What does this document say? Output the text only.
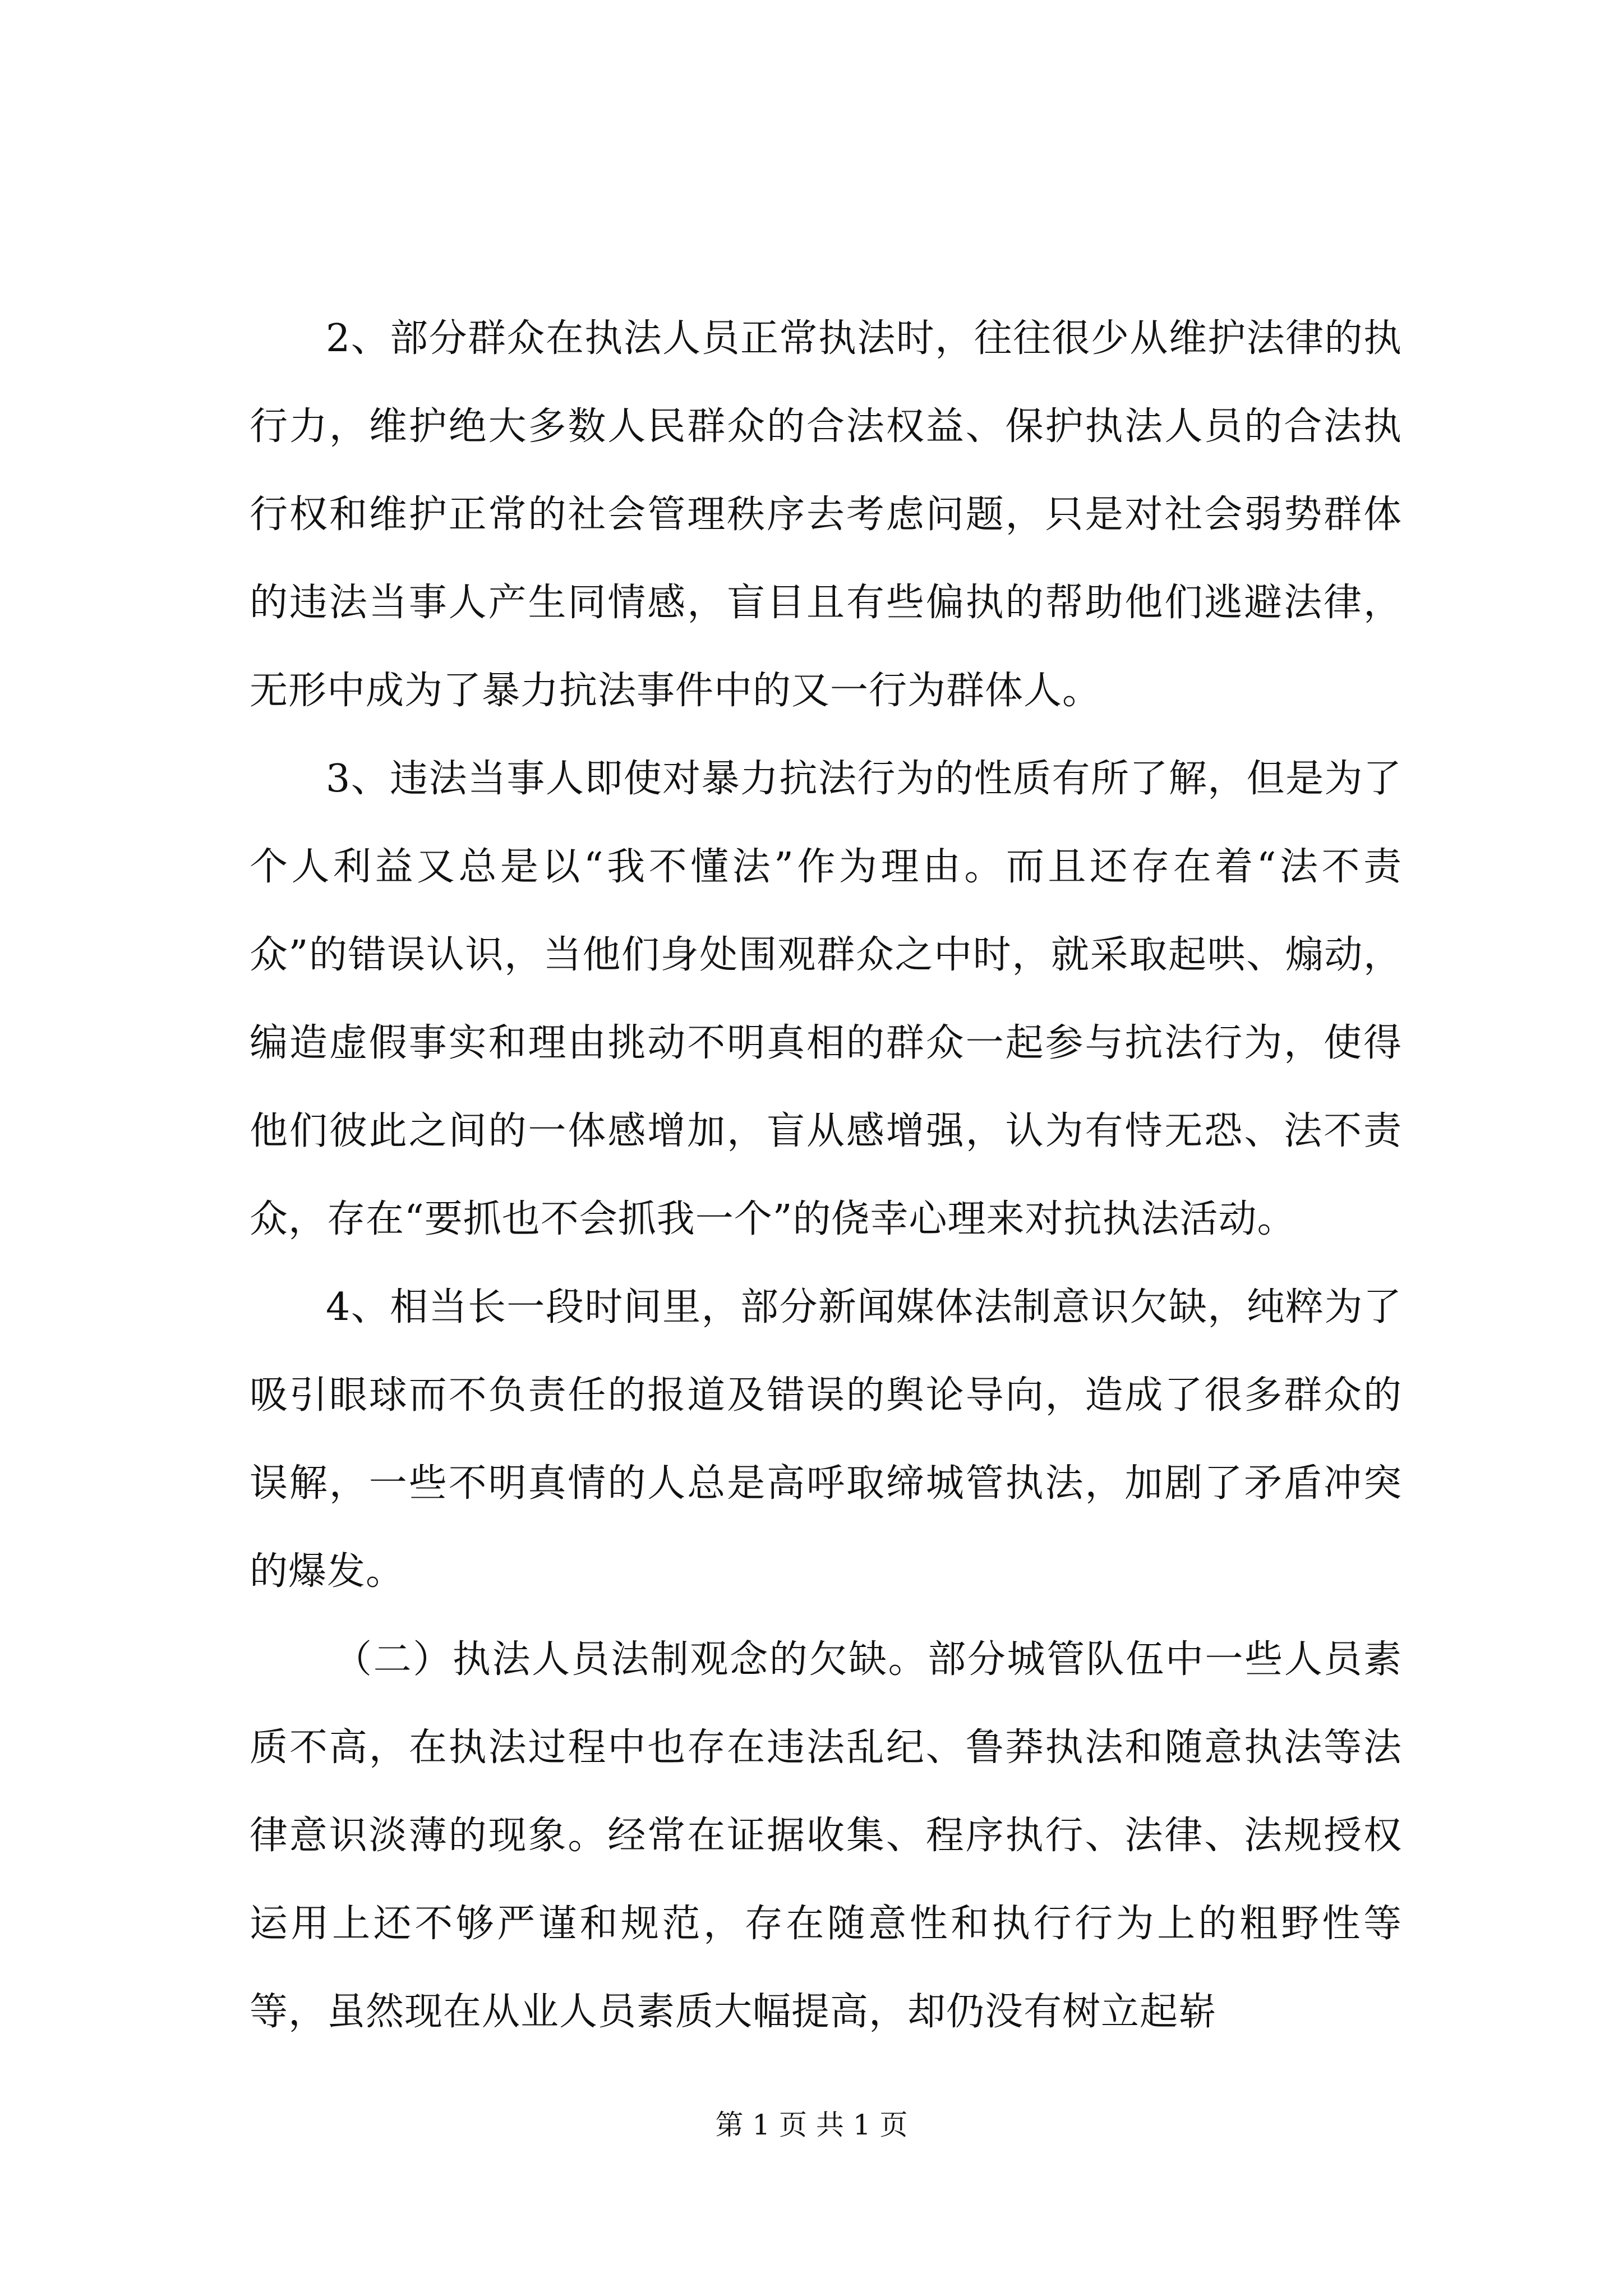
2、部分群众在执法人员正常执法时，往往很少从维护法律的执行力，维护绝大多数人民群众的合法权益、保护执法人员的合法执行权和维护正常的社会管理秩序去考虑问题，只是对社会弱势群体的违法当事人产生同情感，盲目且有些偏执的帮助他们逃避法律，无形中成为了暴力抗法事件中的又一行为群体人。

3、违法当事人即使对暴力抗法行为的性质有所了解，但是为了个人利益又总是以“我不懂法”作为理由。而且还存在着“法不责众”的错误认识，当他们身处围观群众之中时，就采取起哄、煽动，编造虚假事实和理由挑动不明真相的群众一起参与抗法行为，使得他们彼此之间的一体感增加，盲从感增强，认为有恃无恐、法不责众，存在“要抓也不会抓我一个”的侥幸心理来对抗执法活动。

4、相当长一段时间里，部分新闻媒体法制意识欠缺，纯粹为了吸引眼球而不负责任的报道及错误的舆论导向，造成了很多群众的误解，一些不明真情的人总是高呼取缔城管执法，加剧了矛盾冲突的爆发。

（二）执法人员法制观念的欠缺。部分城管队伍中一些人员素质不高，在执法过程中也存在违法乱纪、鲁莽执法和随意执法等法律意识淡薄的现象。经常在证据收集、程序执行、法律、法规授权运用上还不够严谨和规范，存在随意性和执行行为上的粗野性等等，虽然现在从业人员素质大幅提高，却仍没有树立起崭

第 1 页 共 1 页
